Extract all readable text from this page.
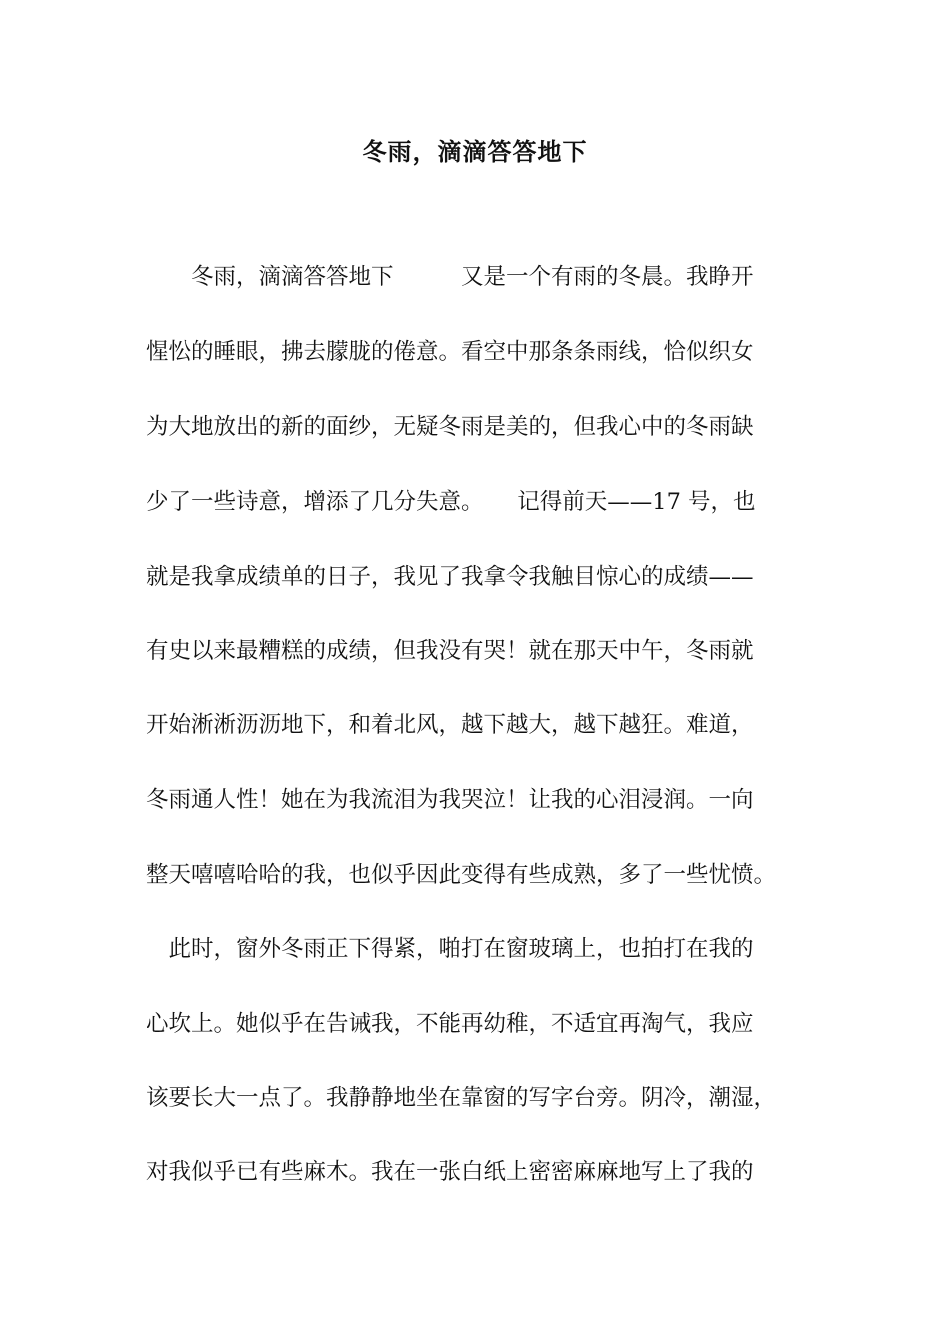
冬雨，滴滴答答地下
　　冬雨，滴滴答答地下　　　又是一个有雨的冬晨。我睁开
惺忪的睡眼，拂去朦胧的倦意。看空中那条条雨线，恰似织女
为大地放出的新的面纱，无疑冬雨是美的，但我心中的冬雨缺
少了一些诗意，增添了几分失意。　　记得前天——17 号，也
就是我拿成绩单的日子，我见了我拿令我触目惊心的成绩——
有史以来最糟糕的成绩，但我没有哭！就在那天中午，冬雨就
开始淅淅沥沥地下，和着北风，越下越大，越下越狂。难道，
冬雨通人性！她在为我流泪为我哭泣！让我的心泪浸润。一向
整天嘻嘻哈哈的我，也似乎因此变得有些成熟，多了一些忧愤。
　此时，窗外冬雨正下得紧，啪打在窗玻璃上，也拍打在我的
心坎上。她似乎在告诫我，不能再幼稚，不适宜再淘气，我应
该要长大一点了。我静静地坐在靠窗的写字台旁。阴冷，潮湿，
对我似乎已有些麻木。我在一张白纸上密密麻麻地写上了我的
